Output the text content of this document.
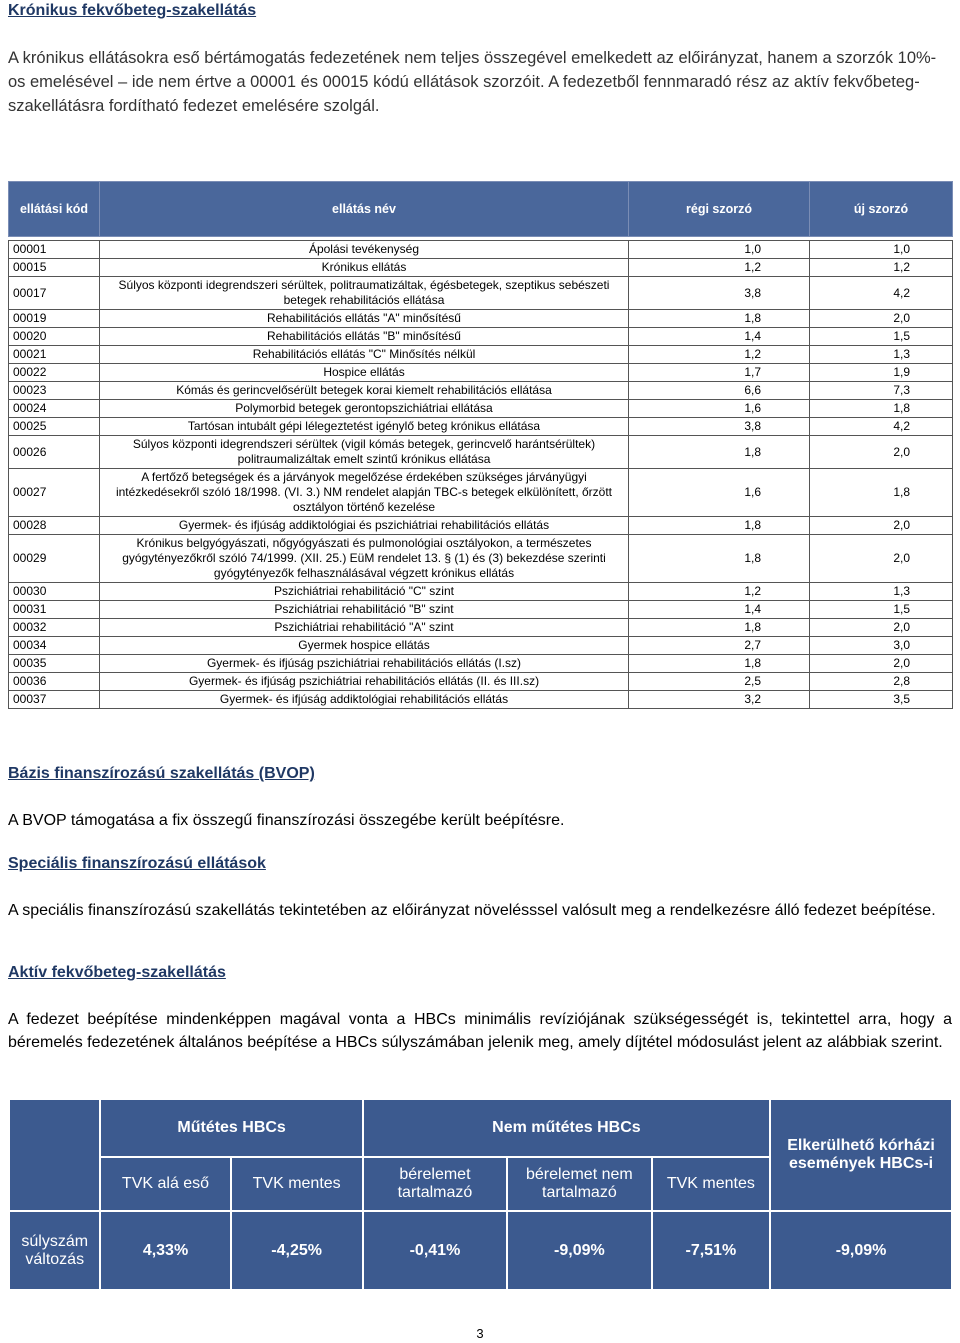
Krónikus fekvőbeteg-szakellátás

A krónikus ellátásokra eső bértámogatás fedezetének nem teljes összegével emelkedett az előirányzat, hanem a szorzók 10%-os emelésével – ide nem értve a 00001 és 00015 kódú ellátások szorzóit. A fedezetből fennmaradó rész az aktív fekvőbeteg-szakellátásra fordítható fedezet emelésére szolgál.

ellátási kód	ellátás név	régi szorzó	új szorzó

00001	Ápolási tevékenység	1,0	1,0
00015	Krónikus ellátás	1,2	1,2
00017	Súlyos központi idegrendszeri sérültek, politraumatizáltak, égésbetegek, szeptikus sebészeti betegek rehabilitációs ellátása	3,8	4,2
00019	Rehabilitációs ellátás "A" minősítésű	1,8	2,0
00020	Rehabilitációs ellátás "B" minősítésű	1,4	1,5
00021	Rehabilitációs ellátás "C" Minősítés nélkül	1,2	1,3
00022	Hospice ellátás	1,7	1,9
00023	Kómás és gerincvelősérült betegek korai kiemelt rehabilitációs ellátása	6,6	7,3
00024	Polymorbid betegek gerontopszichiátriai ellátása	1,6	1,8
00025	Tartósan intubált gépi lélegeztetést igénylő beteg krónikus ellátása	3,8	4,2
00026	Súlyos központi idegrendszeri sérültek (vigil kómás betegek, gerincvelő harántsérültek) politraumalizáltak emelt szintű krónikus ellátása	1,8	2,0
00027	A fertőző betegségek és a járványok megelőzése érdekében szükséges járványügyi intézkedésekről szóló 18/1998. (VI. 3.) NM rendelet alapján TBC-s betegek elkülönített, őrzött osztályon történő kezelése	1,6	1,8
00028	Gyermek- és ifjúság addiktológiai és pszichiátriai rehabilitációs ellátás	1,8	2,0
00029	Krónikus belgyógyászati, nőgyógyászati és pulmonológiai osztályokon, a természetes gyógytényezőkről szóló 74/1999. (XII. 25.) EüM rendelet 13. § (1) és (3) bekezdése szerinti gyógytényezők felhasználásával végzett krónikus ellátás	1,8	2,0
00030	Pszichiátriai rehabilitáció "C" szint	1,2	1,3
00031	Pszichiátriai rehabilitáció "B" szint	1,4	1,5
00032	Pszichiátriai rehabilitáció "A" szint	1,8	2,0
00034	Gyermek hospice ellátás	2,7	3,0
00035	Gyermek- és ifjúság pszichiátriai rehabilitációs ellátás (I.sz)	1,8	2,0
00036	Gyermek- és ifjúság pszichiátriai rehabilitációs ellátás (II. és III.sz)	2,5	2,8
00037	Gyermek- és ifjúság addiktológiai rehabilitációs ellátás	3,2	3,5
Bázis finanszírozású szakellátás (BVOP)

A BVOP támogatása a fix összegű finanszírozási összegébe került beépítésre.

Speciális finanszírozású ellátások

A speciális finanszírozású szakellátás tekintetében az előirányzat növelésssel valósult meg a rendelkezésre álló fedezet beépítése.

Aktív fekvőbeteg-szakellátás

A fedezet beépítése mindenképpen magával vonta a HBCs minimális revíziójának szükségességét is, tekintettel arra, hogy a béremelés fedezetének általános beépítése a HBCs súlyszámában jelenik meg, amely díjtétel módosulást jelent az alábbiak szerint.

	Műtétes HBCs		Nem műtétes HBCs			Elkerülhető kórházi események HBCs-i
	TVK alá eső	TVK mentes	bérelemet tartalmazó	bérelemet nem tartalmazó	TVK mentes	
súlyszám változás	4,33%	-4,25%	-0,41%	-9,09%	-7,51%	-9,09%
3
